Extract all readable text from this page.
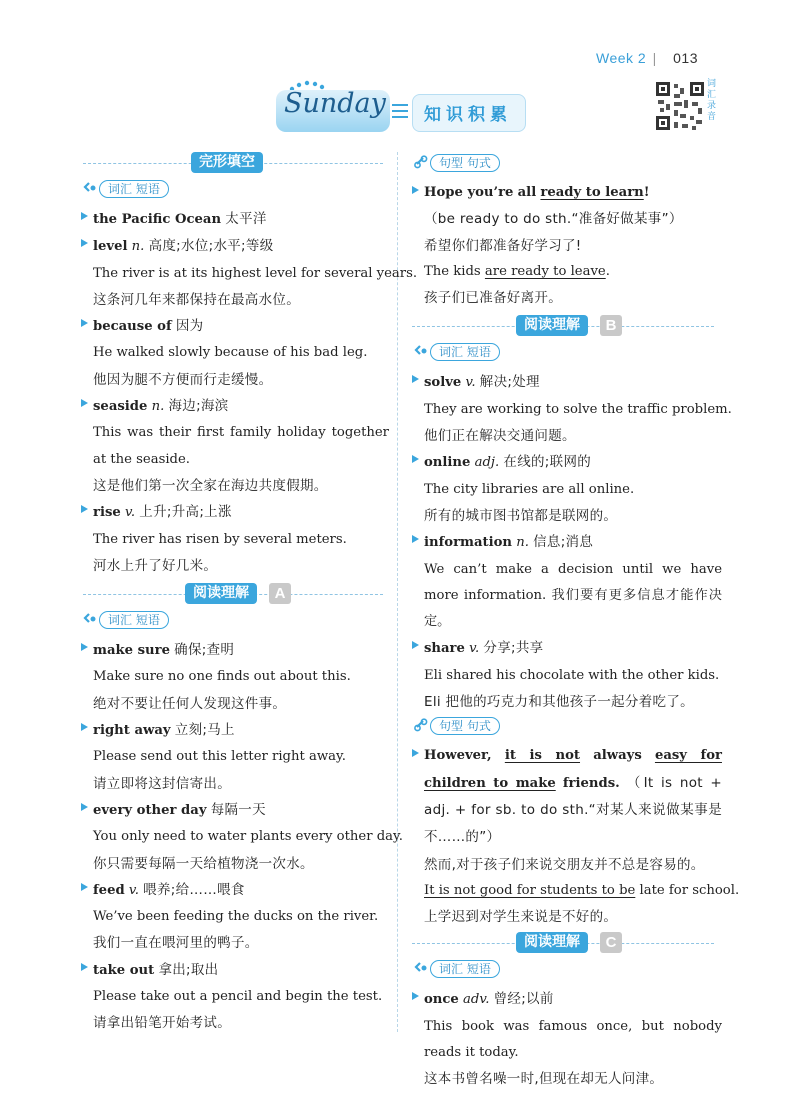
Week 2 | 013
Sunday 知识积累
词汇录音
完形填空
词汇 短语
the Pacific Ocean 太平洋
level n. 高度;水位;水平;等级
The river is at its highest level for several years.
这条河几年来都保持在最高水位。
because of 因为
He walked slowly because of his bad leg.
他因为腿不方便而行走缓慢。
seaside n. 海边;海滨
This was their first family holiday together at the seaside.
这是他们第一次全家在海边共度假期。
rise v. 上升;升高;上涨
The river has risen by several meters.
河水上升了好几米。
阅读理解	A
词汇 短语
make sure 确保;查明
Make sure no one finds out about this.
绝对不要让任何人发现这件事。
right away 立刻;马上
Please send out this letter right away.
请立即将这封信寄出。
every other day 每隔一天
You only need to water plants every other day.
你只需要每隔一天给植物浇一次水。
feed v. 喂养;给……喂食
We’ve been feeding the ducks on the river.
我们一直在喂河里的鸭子。
take out 拿出;取出
Please take out a pencil and begin the test.
请拿出铅笔开始考试。
句型 句式
Hope you’re all ready to learn!
（be ready to do sth.“准备好做某事”）
希望你们都准备好学习了!
The kids are ready to leave.
孩子们已准备好离开。
阅读理解	B
词汇 短语
solve v. 解决;处理
They are working to solve the traffic problem.
他们正在解决交通问题。
online adj. 在线的;联网的
The city libraries are all online.
所有的城市图书馆都是联网的。
information n. 信息;消息
We can’t make a decision until we have more information. 我们要有更多信息才能作决定。
share v. 分享;共享
Eli shared his chocolate with the other kids.
Eli 把他的巧克力和其他孩子一起分着吃了。
句型 句式
However, it is not always easy for children to make friends. （It is not + adj. + for sb. to do sth.“对某人来说做某事是不……的”）
然而,对于孩子们来说交朋友并不总是容易的。
It is not good for students to be late for school.
上学迟到对学生来说是不好的。
阅读理解	C
词汇 短语
once adv. 曾经;以前
This book was famous once, but nobody reads it today.
这本书曾名噪一时,但现在却无人问津。
